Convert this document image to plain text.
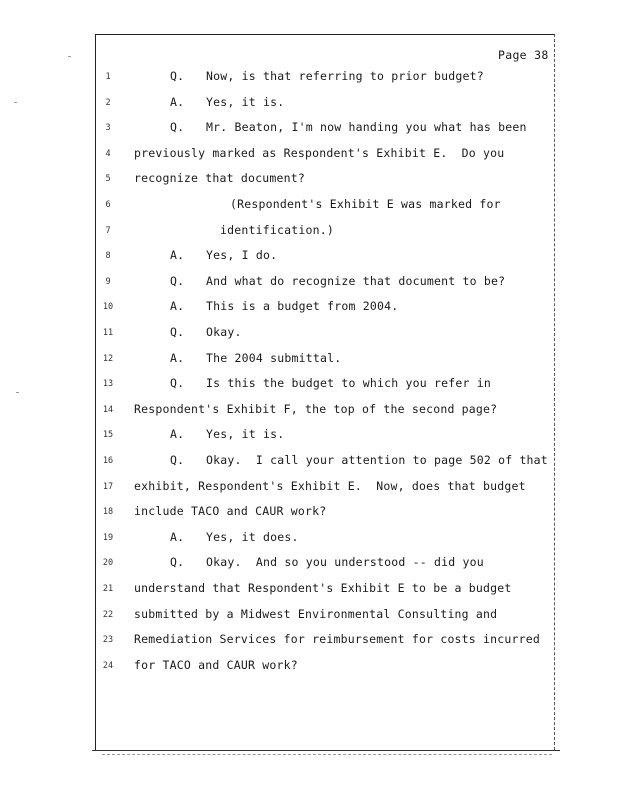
Page 38
1	Q. Now, is that referring to prior budget?
2	A. Yes, it is.
3	Q. Mr. Beaton, I'm now handing you what has been
4	previously marked as Respondent's Exhibit E.  Do you
5	recognize that document?
6	(Respondent's Exhibit E was marked for
7	identification.)
8	A. Yes, I do.
9	Q. And what do recognize that document to be?
10	A. This is a budget from 2004.
11	Q. Okay.
12	A. The 2004 submittal.
13	Q. Is this the budget to which you refer in
14	Respondent's Exhibit F, the top of the second page?
15	A. Yes, it is.
16	Q. Okay.  I call your attention to page 502 of that
17	exhibit, Respondent's Exhibit E.  Now, does that budget
18	include TACO and CAUR work?
19	A. Yes, it does.
20	Q. Okay.  And so you understood -- did you
21	understand that Respondent's Exhibit E to be a budget
22	submitted by a Midwest Environmental Consulting and
23	Remediation Services for reimbursement for costs incurred
24	for TACO and CAUR work?
